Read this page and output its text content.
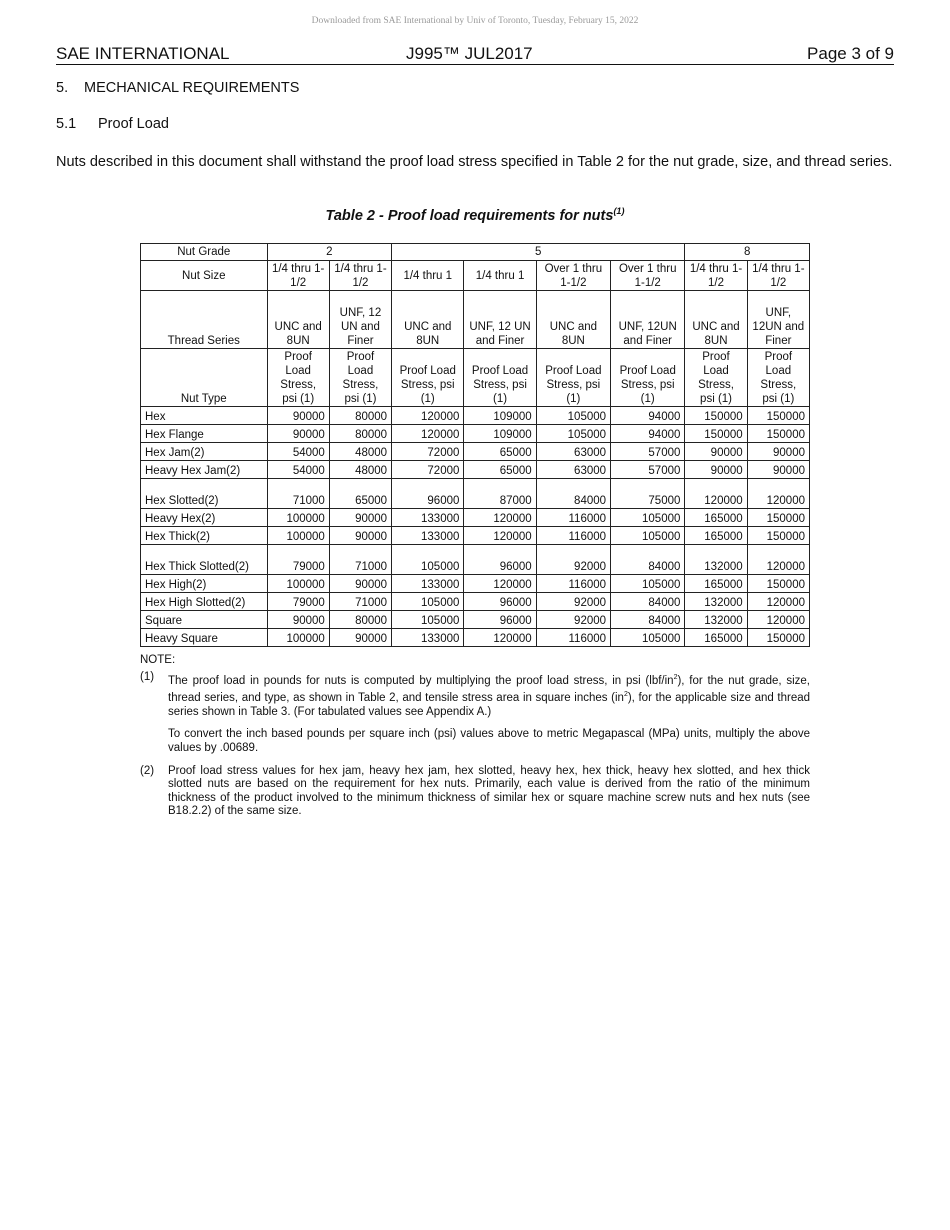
Downloaded from SAE International by Univ of Toronto, Tuesday, February 15, 2022
SAE INTERNATIONAL	J995™ JUL2017	Page 3 of 9
5. MECHANICAL REQUIREMENTS
5.1 Proof Load
Nuts described in this document shall withstand the proof load stress specified in Table 2 for the nut grade, size, and thread series.
Table 2 - Proof load requirements for nuts$^{(1)}$
Nut Grade	2		5				8	
Nut Size	1/4 thru 1-1/2	1/4 thru 1-1/2	1/4 thru 1	1/4 thru 1	Over 1 thru 1-1/2	Over 1 thru 1-1/2	1/4 thru 1-1/2	1/4 thru 1-1/2
Thread Series	UNC and 8UN	UNF, 12 UN and Finer	UNC and 8UN	UNF, 12 UN and Finer	UNC and 8UN	UNF, 12UN and Finer	UNC and 8UN	UNF, 12UN and Finer
Nut Type	Proof Load Stress, psi (1)	Proof Load Stress, psi (1)	Proof Load Stress, psi (1)	Proof Load Stress, psi (1)	Proof Load Stress, psi (1)	Proof Load Stress, psi (1)	Proof Load Stress, psi (1)	Proof Load Stress, psi (1)
Hex	90000	80000	120000	109000	105000	94000	150000	150000
Hex Flange	90000	80000	120000	109000	105000	94000	150000	150000
Hex Jam(2)	54000	48000	72000	65000	63000	57000	90000	90000
Heavy Hex Jam(2)	54000	48000	72000	65000	63000	57000	90000	90000
Hex Slotted(2)	71000	65000	96000	87000	84000	75000	120000	120000
Heavy Hex(2)	100000	90000	133000	120000	116000	105000	165000	150000
Hex Thick(2)	100000	90000	133000	120000	116000	105000	165000	150000
Hex Thick Slotted(2)	79000	71000	105000	96000	92000	84000	132000	120000
Hex High(2)	100000	90000	133000	120000	116000	105000	165000	150000
Hex High Slotted(2)	79000	71000	105000	96000	92000	84000	132000	120000
Square	90000	80000	105000	96000	92000	84000	132000	120000
Heavy Square	100000	90000	133000	120000	116000	105000	165000	150000
NOTE:
(1) The proof load in pounds for nuts is computed by multiplying the proof load stress, in psi $(lbf/in^2)$, for the nut grade, size, thread series, and type, as shown in Table 2, and tensile stress area in square inches $(in^2)$, for the applicable size and thread series shown in Table 3. (For tabulated values see Appendix A.)
To convert the inch based pounds per square inch (psi) values above to metric Megapascal (MPa) units, multiply the above values by .00689.
(2) Proof load stress values for hex jam, heavy hex jam, hex slotted, heavy hex, hex thick, heavy hex slotted, and hex thick slotted nuts are based on the requirement for hex nuts. Primarily, each value is derived from the ratio of the minimum thickness of the product involved to the minimum thickness of similar hex or square machine screw nuts and hex nuts (see B18.2.2) of the same size.
